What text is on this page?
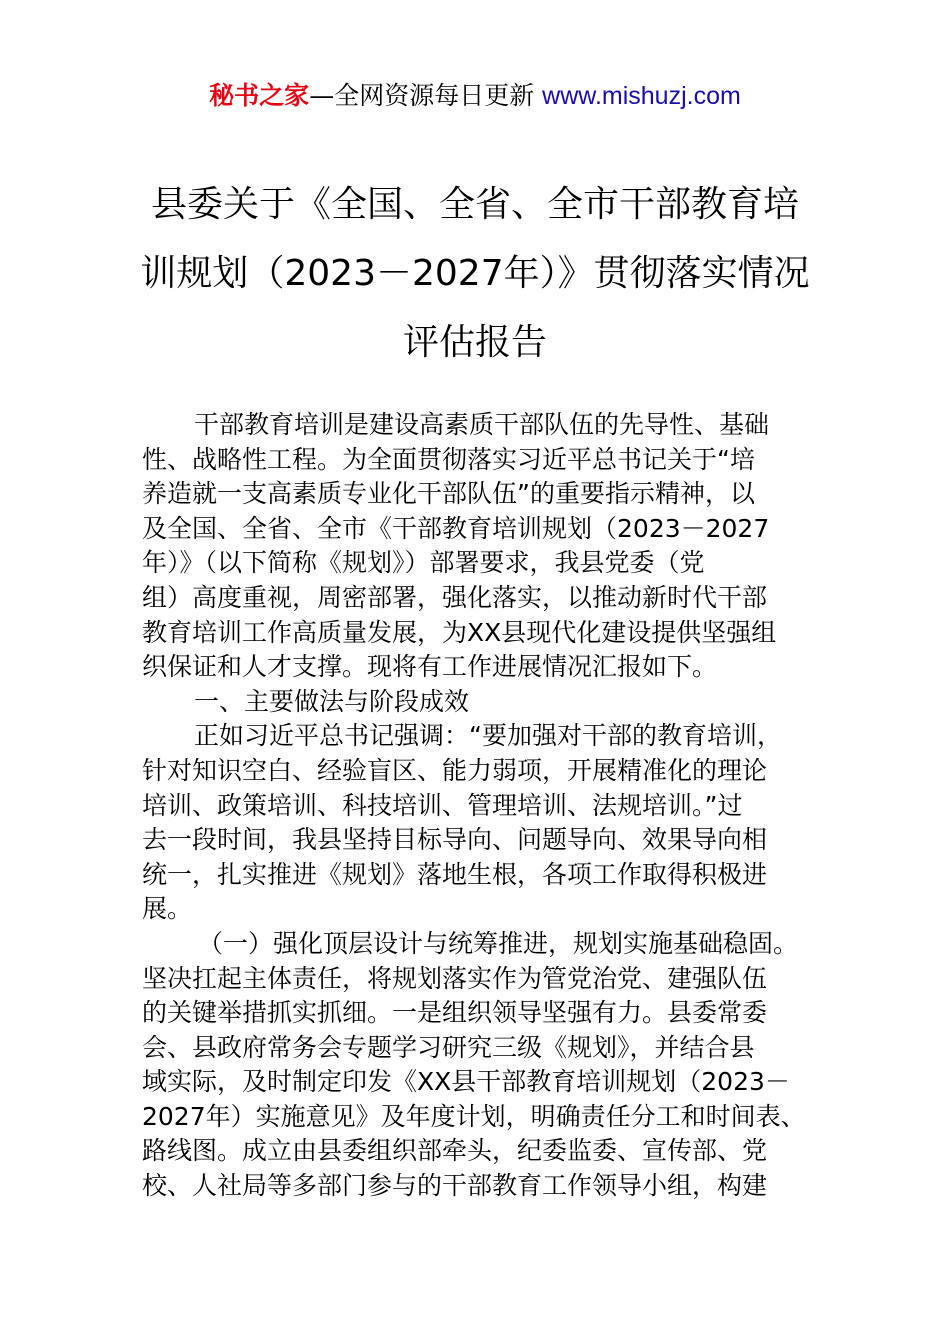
秘书之家—全网资源每日更新 www.mishuzj.com
县委关于《全国、全省、全市干部教育培
训规划（2023－2027年）》贯彻落实情况
评估报告
干部教育培训是建设高素质干部队伍的先导性、基础
性、战略性工程。为全面贯彻落实习近平总书记关于“培
养造就一支高素质专业化干部队伍”的重要指示精神，以
及全国、全省、全市《干部教育培训规划（2023－2027
年）》（以下简称《规划》）部署要求，我县党委（党
组）高度重视，周密部署，强化落实，以推动新时代干部
教育培训工作高质量发展，为XX县现代化建设提供坚强组
织保证和人才支撑。现将有工作进展情况汇报如下。
一、主要做法与阶段成效
正如习近平总书记强调：“要加强对干部的教育培训，
针对知识空白、经验盲区、能力弱项，开展精准化的理论
培训、政策培训、科技培训、管理培训、法规培训。”过
去一段时间，我县坚持目标导向、问题导向、效果导向相
统一，扎实推进《规划》落地生根，各项工作取得积极进
展。
（一）强化顶层设计与统筹推进，规划实施基础稳固。
坚决扛起主体责任，将规划落实作为管党治党、建强队伍
的关键举措抓实抓细。一是组织领导坚强有力。县委常委
会、县政府常务会专题学习研究三级《规划》，并结合县
域实际，及时制定印发《XX县干部教育培训规划（2023－
2027年）实施意见》及年度计划，明确责任分工和时间表、
路线图。成立由县委组织部牵头，纪委监委、宣传部、党
校、人社局等多部门参与的干部教育工作领导小组，构建
